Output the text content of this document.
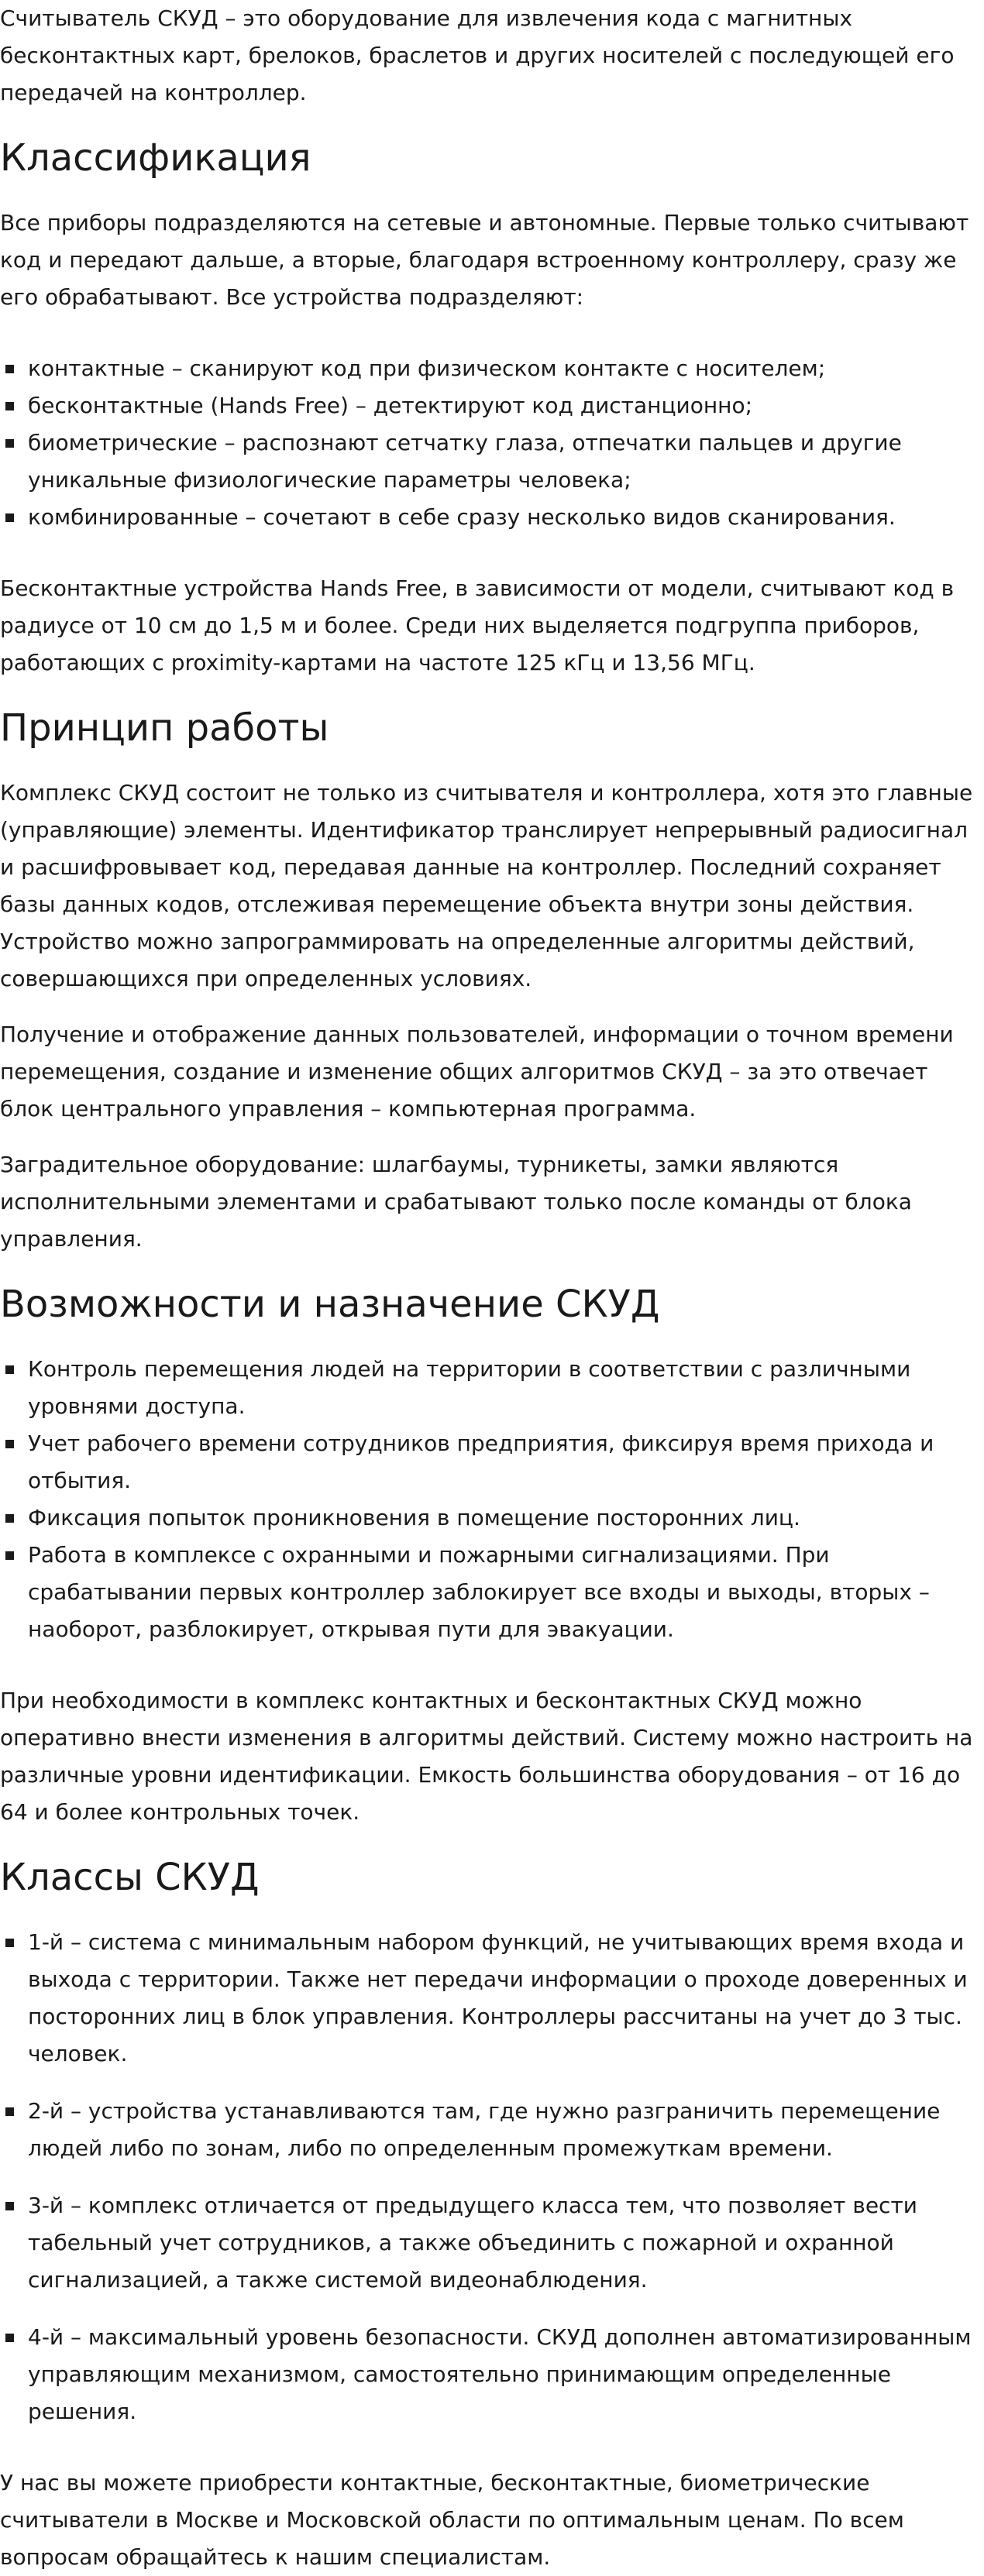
Считыватель СКУД – это оборудование для извлечения кода с магнитных бесконтактных карт, брелоков, браслетов и других носителей с последующей его передачей на контроллер.

Классификация

Все приборы подразделяются на сетевые и автономные. Первые только считывают код и передают дальше, а вторые, благодаря встроенному контроллеру, сразу же его обрабатывают. Все устройства подразделяют:

контактные – сканируют код при физическом контакте с носителем;
бесконтактные (Hands Free) – детектируют код дистанционно;
биометрические – распознают сетчатку глаза, отпечатки пальцев и другие уникальные физиологические параметры человека;
комбинированные – сочетают в себе сразу несколько видов сканирования.

Бесконтактные устройства Hands Free, в зависимости от модели, считывают код в радиусе от 10 см до 1,5 м и более. Среди них выделяется подгруппа приборов, работающих с proximity-картами на частоте 125 кГц и 13,56 МГц.

Принцип работы

Комплекс СКУД состоит не только из считывателя и контроллера, хотя это главные (управляющие) элементы. Идентификатор транслирует непрерывный радиосигнал и расшифровывает код, передавая данные на контроллер. Последний сохраняет базы данных кодов, отслеживая перемещение объекта внутри зоны действия. Устройство можно запрограммировать на определенные алгоритмы действий, совершающихся при определенных условиях.

Получение и отображение данных пользователей, информации о точном времени перемещения, создание и изменение общих алгоритмов СКУД – за это отвечает блок центрального управления – компьютерная программа.

Заградительное оборудование: шлагбаумы, турникеты, замки являются исполнительными элементами и срабатывают только после команды от блока управления.

Возможности и назначение СКУД
Контроль перемещения людей на территории в соответствии с различными уровнями доступа.
Учет рабочего времени сотрудников предприятия, фиксируя время прихода и отбытия.
Фиксация попыток проникновения в помещение посторонних лиц.
Работа в комплексе с охранными и пожарными сигнализациями. При срабатывании первых контроллер заблокирует все входы и выходы, вторых – наоборот, разблокирует, открывая пути для эвакуации.

При необходимости в комплекс контактных и бесконтактных СКУД можно оперативно внести изменения в алгоритмы действий. Систему можно настроить на различные уровни идентификации. Емкость большинства оборудования – от 16 до 64 и более контрольных точек.

Классы СКУД
1-й – система с минимальным набором функций, не учитывающих время входа и выхода с территории. Также нет передачи информации о проходе доверенных и посторонних лиц в блок управления. Контроллеры рассчитаны на учет до 3 тыс. человек.
2-й – устройства устанавливаются там, где нужно разграничить перемещение людей либо по зонам, либо по определенным промежуткам времени.
3-й – комплекс отличается от предыдущего класса тем, что позволяет вести табельный учет сотрудников, а также объединить с пожарной и охранной сигнализацией, а также системой видеонаблюдения.
4-й – максимальный уровень безопасности. СКУД дополнен автоматизированным управляющим механизмом, самостоятельно принимающим определенные решения.

У нас вы можете приобрести контактные, бесконтактные, биометрические считыватели в Москве и Московской области по оптимальным ценам. По всем вопросам обращайтесь к нашим специалистам.
